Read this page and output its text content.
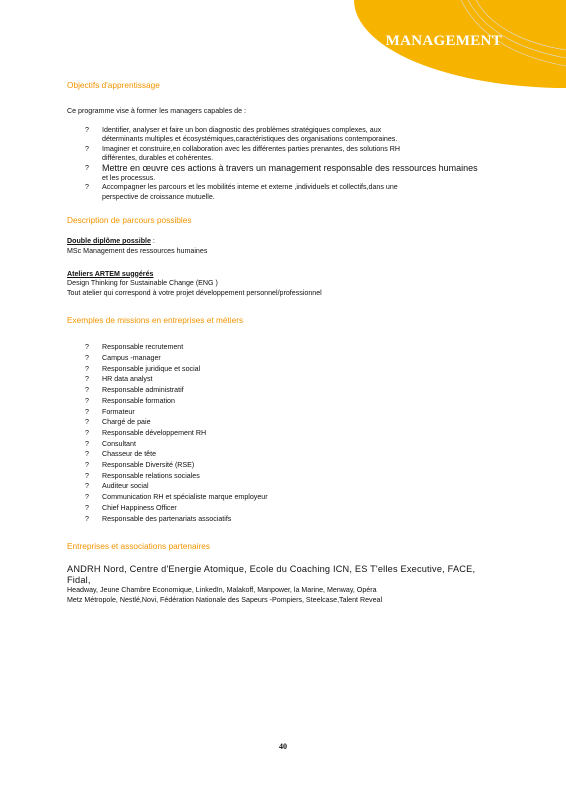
MANAGEMENT

Objectifs d'apprentissage

Ce programme vise à former les managers capables de :

?	Identifier, analyser et faire un bon diagnostic des problèmes stratégiques complexes, aux
déterminants multiples et écosystémiques,caractéristiques des organisations contemporaines.
?	Imaginer et construire,en collaboration avec les différentes parties prenantes, des solutions RH
différentes, durables et cohérentes.
?	Mettre en œuvre ces actions à travers un management responsable des ressources humaines
et les processus.
?	Accompagner les parcours et les mobilités interne et externe ,individuels et collectifs,dans une
perspective de croissance mutuelle.

Description de parcours possibles

Double diplôme possible :

MSc Management des ressources humaines

Ateliers ARTEM suggérés

Design Thinking for Sustainable Change (ENG )

Tout atelier qui correspond à votre projet développement personnel/professionnel

Exemples de missions en entreprises et métiers

?	Responsable recrutement
?	Campus -manager
?	Responsable juridique et social
?	HR data analyst
?	Responsable administratif
?	Responsable formation
?	Formateur
?	Chargé de paie
?	Responsable développement RH
?	Consultant
?	Chasseur de tête
?	Responsable Diversité (RSE)
?	Responsable relations sociales
?	Auditeur social
?	Communication RH et spécialiste marque employeur
?	Chief Happiness Officer
?	Responsable des partenariats associatifs

Entreprises et associations partenaires

ANDRH Nord, Centre d'Energie Atomique, Ecole du Coaching ICN, ES T'elles Executive, FACE, Fidal,

Headway, Jeune Chambre Economique, LinkedIn, Malakoff, Manpower, la Marine, Menway, Opéra

Metz Métropole, Nestlé,Novi, Fédération Nationale des Sapeurs -Pompiers, Steelcase,Talent Reveal

40
